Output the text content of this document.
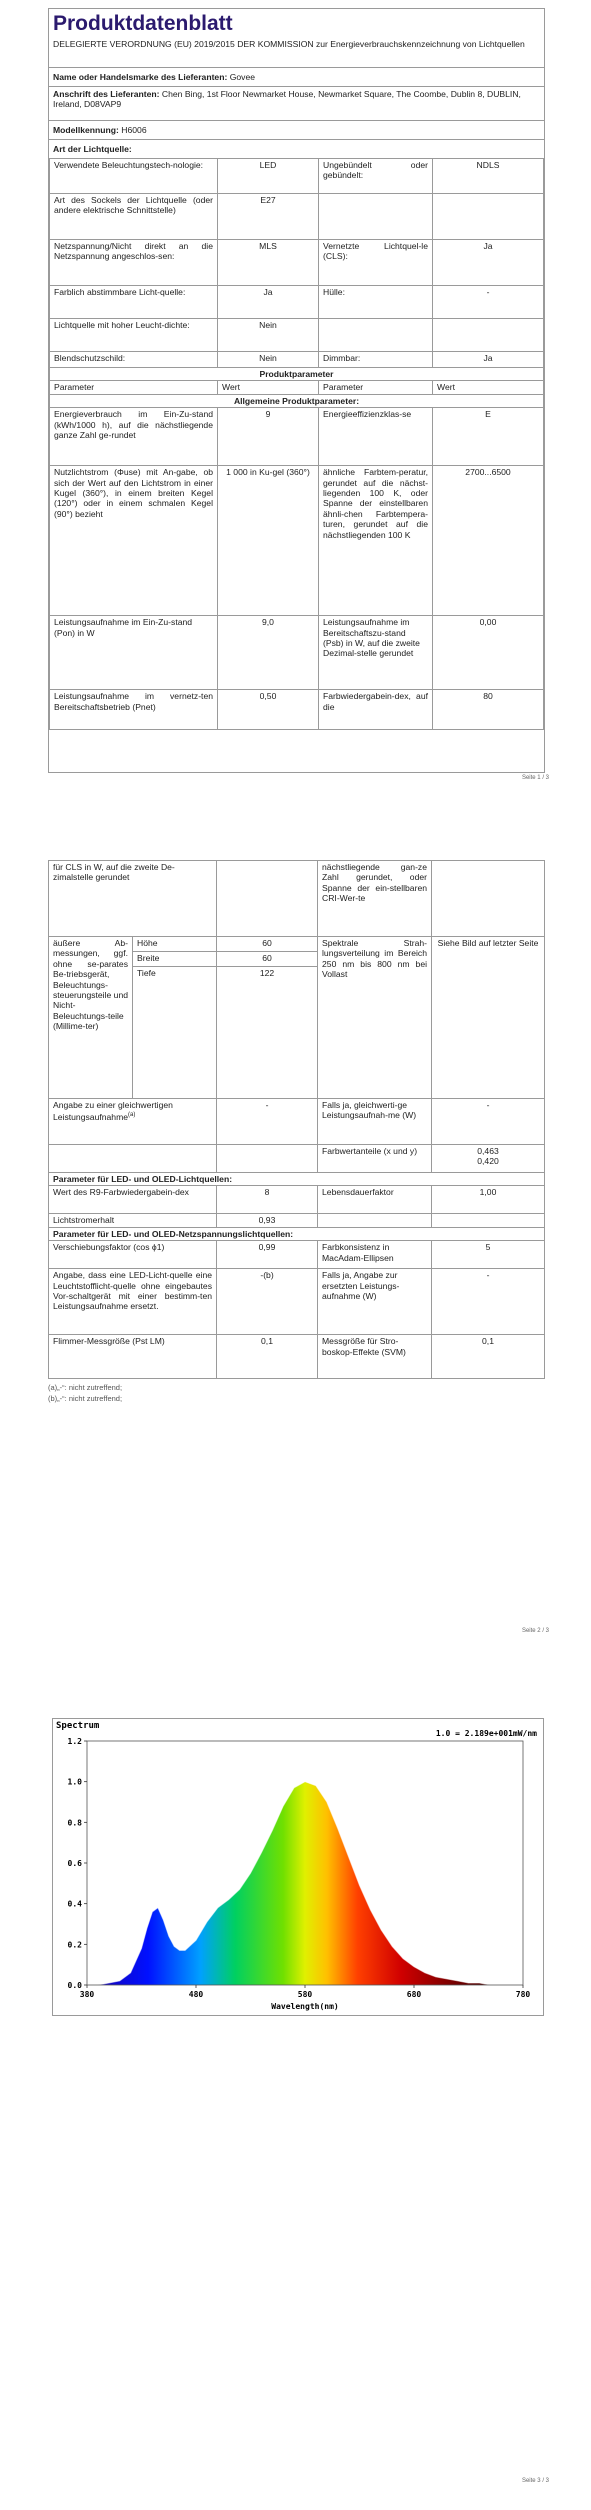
Produktdatenblatt
DELEGIERTE VERORDNUNG (EU) 2019/2015 DER KOMMISSION zur Energieverbrauchskennzeichnung von Lichtquellen
Name oder Handelsmarke des Lieferanten: Govee
Anschrift des Lieferanten: Chen Bing, 1st Floor Newmarket House, Newmarket Square, The Coombe, Dublin 8, DUBLIN, Ireland, D08VAP9
Modellkennung: H6006
Art der Lichtquelle:
Verwendete Beleuchtungstech-nologie:	LED	Ungebündelt oder gebündelt:	NDLS
Art des Sockels der Lichtquelle (oder andere elektrische Schnittstelle)	E27		
Netzspannung/Nicht direkt an die Netzspannung angeschlos-sen:	MLS	Vernetzte Lichtquel-le (CLS):	Ja
Farblich abstimmbare Licht-quelle:	Ja	Hülle:	-
Lichtquelle mit hoher Leucht-dichte:	Nein		
Blendschutzschild:	Nein	Dimmbar:	Ja
Produktparameter			
Parameter	Wert	Parameter	Wert
Allgemeine Produktparameter:			
Energieverbrauch im Ein-Zu-stand (kWh/1000 h), auf die nächstliegende ganze Zahl ge-rundet	9	Energieeffizienzklas-se	E
Nutzlichtstrom (Φuse) mit An-gabe, ob sich der Wert auf den Lichtstrom in einer Kugel (360°), in einem breiten Kegel (120°) oder in einem schmalen Kegel (90°) bezieht	1 000 in Ku-gel (360°)	ähnliche Farbtem-peratur, gerundet auf die nächst-liegenden 100 K, oder Spanne der einstellbaren ähnli-chen Farbtempera-turen, gerundet auf die nächstliegenden 100 K	2700...6500
Leistungsaufnahme im Ein-Zu-stand (Pon) in W	9,0	Leistungsaufnahme im Bereitschaftszu-stand (Psb) in W, auf die zweite Dezimal-stelle gerundet	0,00
Leistungsaufnahme im vernetz-ten Bereitschaftsbetrieb (Pnet)	0,50	Farbwiedergabein-dex, auf die	80
Seite 1 / 3
für CLS in W, auf die zweite De-zimalstelle gerundet			nächstliegende gan-ze Zahl gerundet, oder Spanne der ein-stellbaren CRI-Wer-te	
äußere Ab-messungen, ggf. ohne se-parates Be-triebsgerät, Beleuchtungs-steuerungsteile und Nicht-Beleuchtungs-teile (Millime-ter)	Höhe	60	Spektrale Strah-lungsverteilung im Bereich 250 nm bis 800 nm bei Vollast	Siehe Bild auf letzter Seite
	Breite	60		
	Tiefe	122		
Angabe zu einer gleichwertigen Leistungsaufnahme$^{(a)}$		-	Falls ja, gleichwerti-ge Leistungsaufnah-me (W)	-
			Farbwertanteile (x und y)	0,463
0,420

Parameter für LED- und OLED-Lichtquellen:				
Wert des R9-Farbwiedergabein-dex		8	Lebensdauerfaktor	1,00
Lichtstromerhalt		0,93		
Parameter für LED- und OLED-Netzspannungslichtquellen:				
Verschiebungsfaktor (cos ϕ1)		0,99	Farbkonsistenz in MacAdam-Ellipsen	5
Angabe, dass eine LED-Licht-quelle eine Leuchtstofflicht-quelle ohne eingebautes Vor-schaltgerät mit einer bestimm-ten Leistungsaufnahme ersetzt.		-(b)	Falls ja, Angabe zur ersetzten Leistungs-aufnahme (W)	-
Flimmer-Messgröße (Pst LM)		0,1	Messgröße für Stro-boskop-Effekte (SVM)	0,1
(a)„-“: nicht zutreffend;
(b)„-“: nicht zutreffend;
Seite 2 / 3
Spectrum
1.0 = 2.189e+001mW/nm
380	480	580	680	780
0.0
0.2
0.4
0.6
0.8
1.0
1.2
Wavelength(nm)
Seite 3 / 3
